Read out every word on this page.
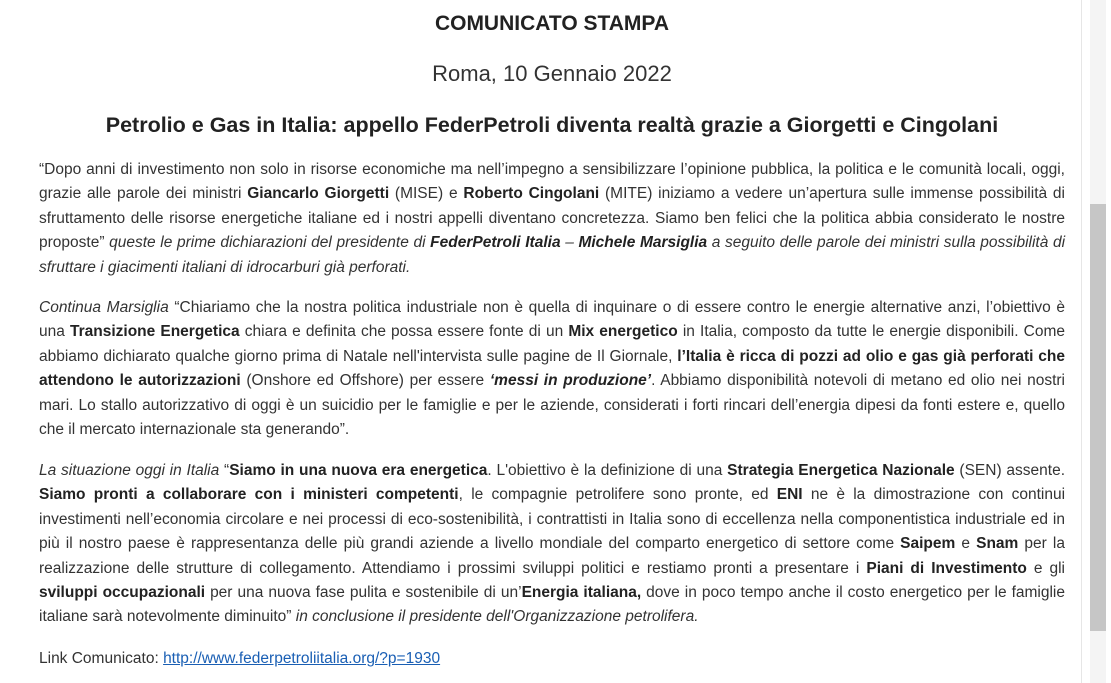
COMUNICATO STAMPA
Roma, 10 Gennaio 2022
Petrolio e Gas in Italia: appello FederPetroli diventa realtà grazie a Giorgetti e Cingolani

“Dopo anni di investimento non solo in risorse economiche ma nell’impegno a sensibilizzare l’opinione pubblica, la politica e le comunità locali, oggi, grazie alle parole dei ministri Giancarlo Giorgetti (MISE) e Roberto Cingolani (MITE) iniziamo a vedere un’apertura sulle immense possibilità di sfruttamento delle risorse energetiche italiane ed i nostri appelli diventano concretezza. Siamo ben felici che la politica abbia considerato le nostre proposte” queste le prime dichiarazioni del presidente di FederPetroli Italia – Michele Marsiglia a seguito delle parole dei ministri sulla possibilità di sfruttare i giacimenti italiani di idrocarburi già perforati.

Continua Marsiglia “Chiariamo che la nostra politica industriale non è quella di inquinare o di essere contro le energie alternative anzi, l’obiettivo è una Transizione Energetica chiara e definita che possa essere fonte di un Mix energetico in Italia, composto da tutte le energie disponibili. Come abbiamo dichiarato qualche giorno prima di Natale nell'intervista sulle pagine de Il Giornale, l’Italia è ricca di pozzi ad olio e gas già perforati che attendono le autorizzazioni (Onshore ed Offshore) per essere ‘messi in produzione’. Abbiamo disponibilità notevoli di metano ed olio nei nostri mari. Lo stallo autorizzativo di oggi è un suicidio per le famiglie e per le aziende, considerati i forti rincari dell’energia dipesi da fonti estere e, quello che il mercato internazionale sta generando”.

La situazione oggi in Italia “Siamo in una nuova era energetica. L'obiettivo è la definizione di una Strategia Energetica Nazionale (SEN) assente. Siamo pronti a collaborare con i ministeri competenti, le compagnie petrolifere sono pronte, ed ENI ne è la dimostrazione con continui investimenti nell’economia circolare e nei processi di eco-sostenibilità, i contrattisti in Italia sono di eccellenza nella componentistica industriale ed in più il nostro paese è rappresentanza delle più grandi aziende a livello mondiale del comparto energetico di settore come Saipem e Snam per la realizzazione delle strutture di collegamento. Attendiamo i prossimi sviluppi politici e restiamo pronti a presentare i Piani di Investimento e gli sviluppi occupazionali per una nuova fase pulita e sostenibile di un’Energia italiana, dove in poco tempo anche il costo energetico per le famiglie italiane sarà notevolmente diminuito” in conclusione il presidente dell'Organizzazione petrolifera.

Link Comunicato: http://www.federpetroliitalia.org/?p=1930
